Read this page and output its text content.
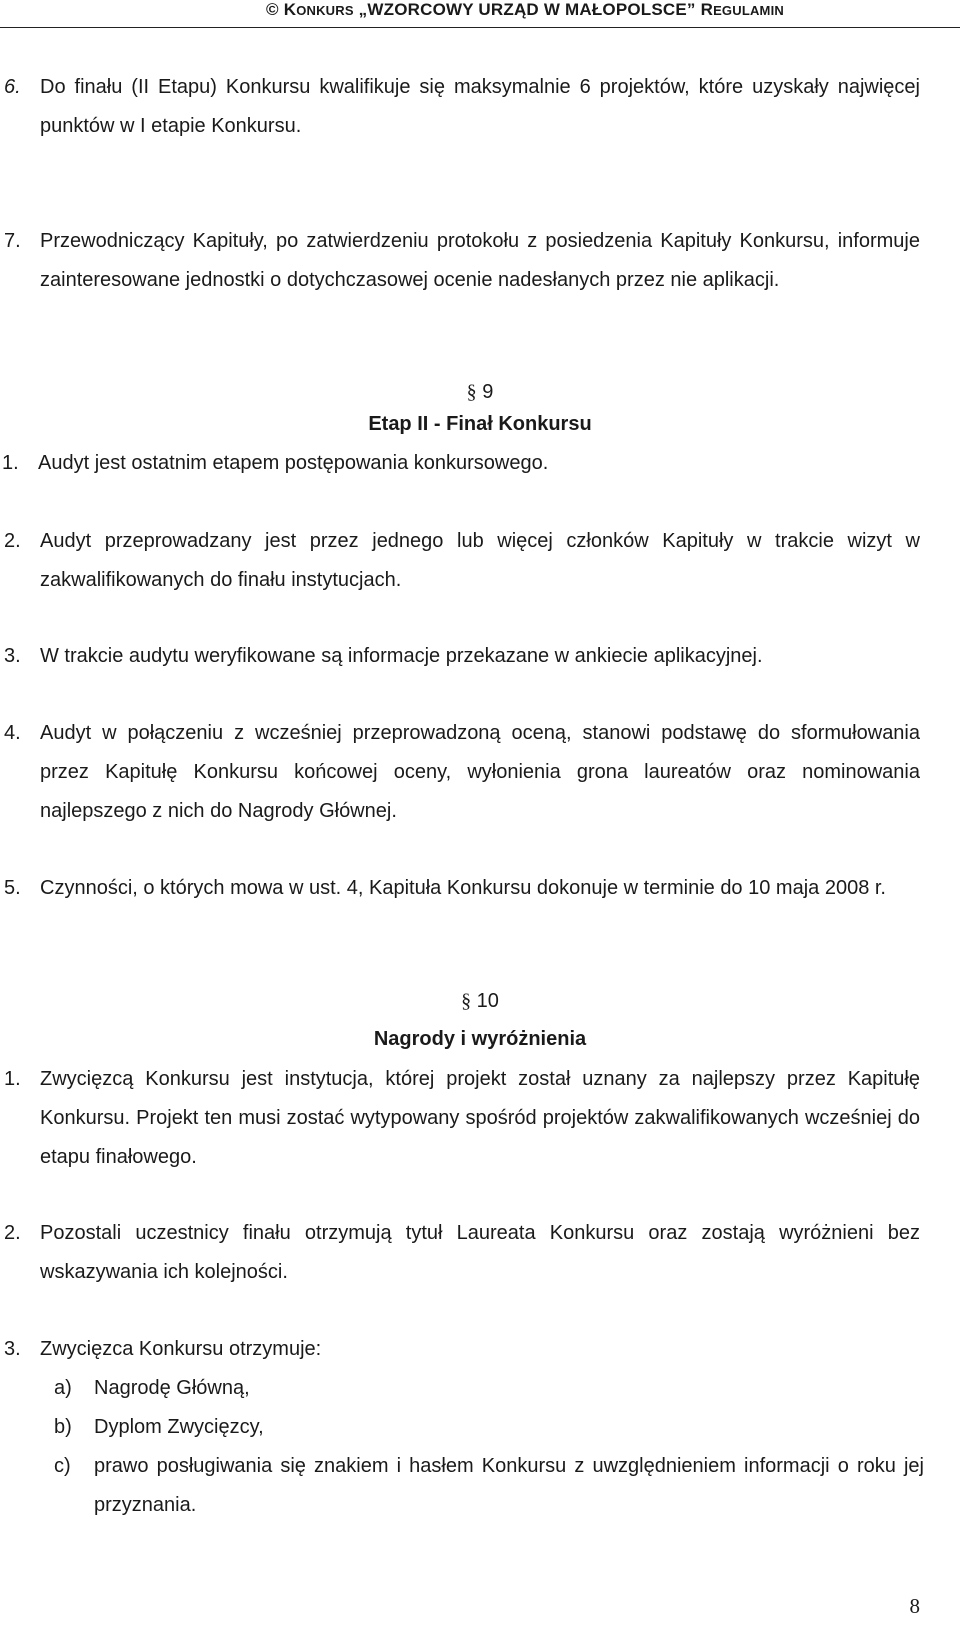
© KONKURS „WZORCOWY URZĄD W MAŁOPOLSCE” REGULAMIN
6. Do finału (II Etapu) Konkursu kwalifikuje się maksymalnie 6 projektów, które uzyskały najwięcej punktów w I etapie Konkursu.
7. Przewodniczący Kapituły, po zatwierdzeniu protokołu z posiedzenia Kapituły Konkursu, informuje zainteresowane jednostki o dotychczasowej ocenie nadesłanych przez nie aplikacji.
§ 9
Etap II - Finał Konkursu
1. Audyt jest ostatnim etapem postępowania konkursowego.
2. Audyt przeprowadzany jest przez jednego lub więcej członków Kapituły w trakcie wizyt w zakwalifikowanych do finału instytucjach.
3. W trakcie audytu weryfikowane są informacje przekazane w ankiecie aplikacyjnej.
4. Audyt w połączeniu z wcześniej przeprowadzoną oceną, stanowi podstawę do sformułowania przez Kapitułę Konkursu końcowej oceny, wyłonienia grona laureatów oraz nominowania najlepszego z nich do Nagrody Głównej.
5. Czynności, o których mowa w ust. 4, Kapituła Konkursu dokonuje w terminie do 10 maja 2008 r.
§ 10
Nagrody i wyróżnienia
1. Zwycięzcą Konkursu jest instytucja, której projekt został uznany za najlepszy przez Kapitułę Konkursu. Projekt ten musi zostać wytypowany spośród projektów zakwalifikowanych wcześniej do etapu finałowego.
2. Pozostali uczestnicy finału otrzymują tytuł Laureata Konkursu oraz zostają wyróżnieni bez wskazywania ich kolejności.
3. Zwycięzca Konkursu otrzymuje:
a) Nagrodę Główną,
b) Dyplom Zwycięzcy,
c) prawo posługiwania się znakiem i hasłem Konkursu z uwzględnieniem informacji o roku jej przyznania.
8
